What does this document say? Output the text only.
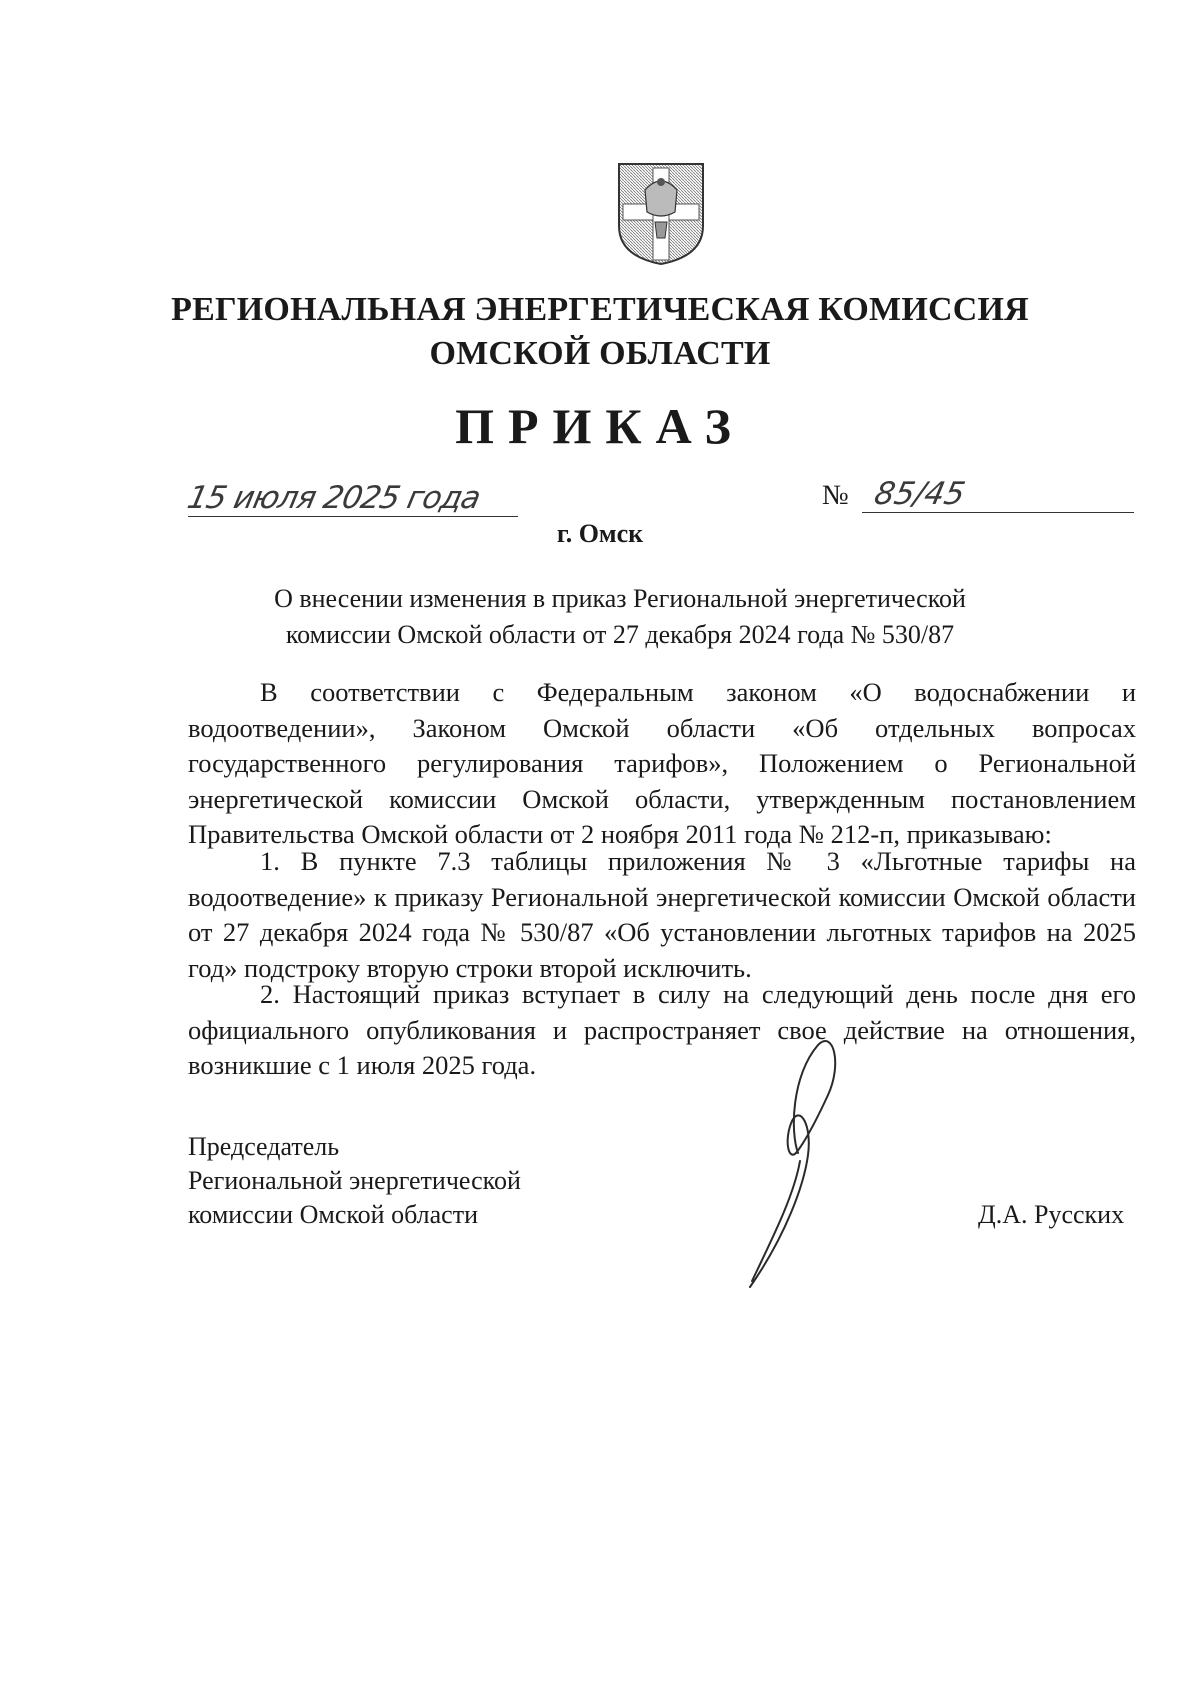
РЕГИОНАЛЬНАЯ ЭНЕРГЕТИЧЕСКАЯ КОМИССИЯ
ОМСКОЙ ОБЛАСТИ
ПРИКАЗ
15 июля 2025 года	№ 85/45
г. Омск
О внесении изменения в приказ Региональной энергетической
комиссии Омской области от 27 декабря 2024 года № 530/87

В соответствии с Федеральным законом «О водоснабжении и водоотведении», Законом Омской области «Об отдельных вопросах государственного регулирования тарифов», Положением о Региональной энергетической комиссии Омской области, утвержденным постановлением Правительства Омской области от 2 ноября 2011 года № 212-п, приказываю:

1. В пункте 7.3 таблицы приложения № 3 «Льготные тарифы на водоотведение» к приказу Региональной энергетической комиссии Омской области от 27 декабря 2024 года № 530/87 «Об установлении льготных тарифов на 2025 год» подстроку вторую строки второй исключить.

2. Настоящий приказ вступает в силу на следующий день после дня его официального опубликования и распространяет свое действие на отношения, возникшие с 1 июля 2025 года.

Председатель
Региональной энергетической
комиссии Омской области	Д.А. Русских
